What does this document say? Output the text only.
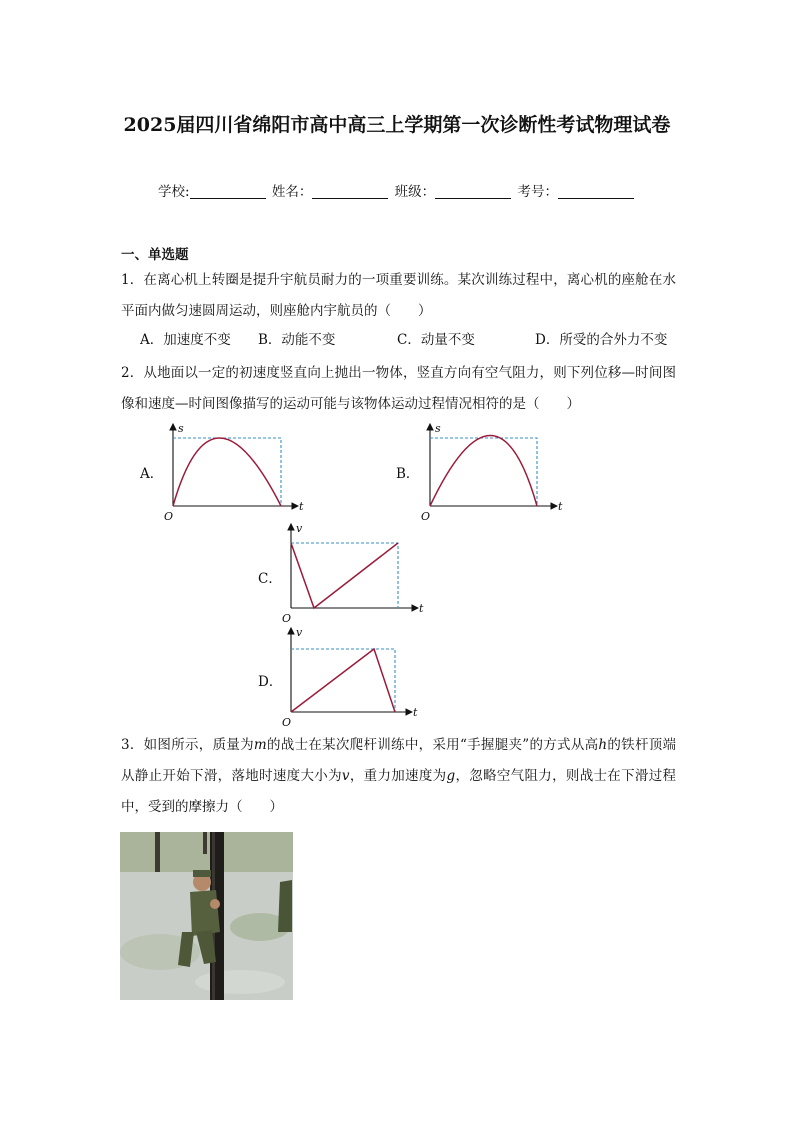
2025届四川省绵阳市高中高三上学期第一次诊断性考试物理试卷
学校:	姓名：	班级：	考号：
一、单选题
1．在离心机上转圈是提升宇航员耐力的一项重要训练。某次训练过程中，离心机的座舱在水平面内做匀速圆周运动，则座舱内宇航员的（　　）
A．加速度不变 B．动能不变	C．动量不变	D．所受的合外力不变
2．从地面以一定的初速度竖直向上抛出一物体，竖直方向有空气阻力，则下列位移—时间图像和速度—时间图像描写的运动可能与该物体运动过程情况相符的是（　　）
A．
s
t
O
B．
s
t
O
C．
v
t
O
D．
v
t
O
3．如图所示，质量为m的战士在某次爬杆训练中，采用“手握腿夹”的方式从高h的铁杆顶端从静止开始下滑，落地时速度大小为v，重力加速度为g，忽略空气阻力，则战士在下滑过程中，受到的摩擦力（　　）
